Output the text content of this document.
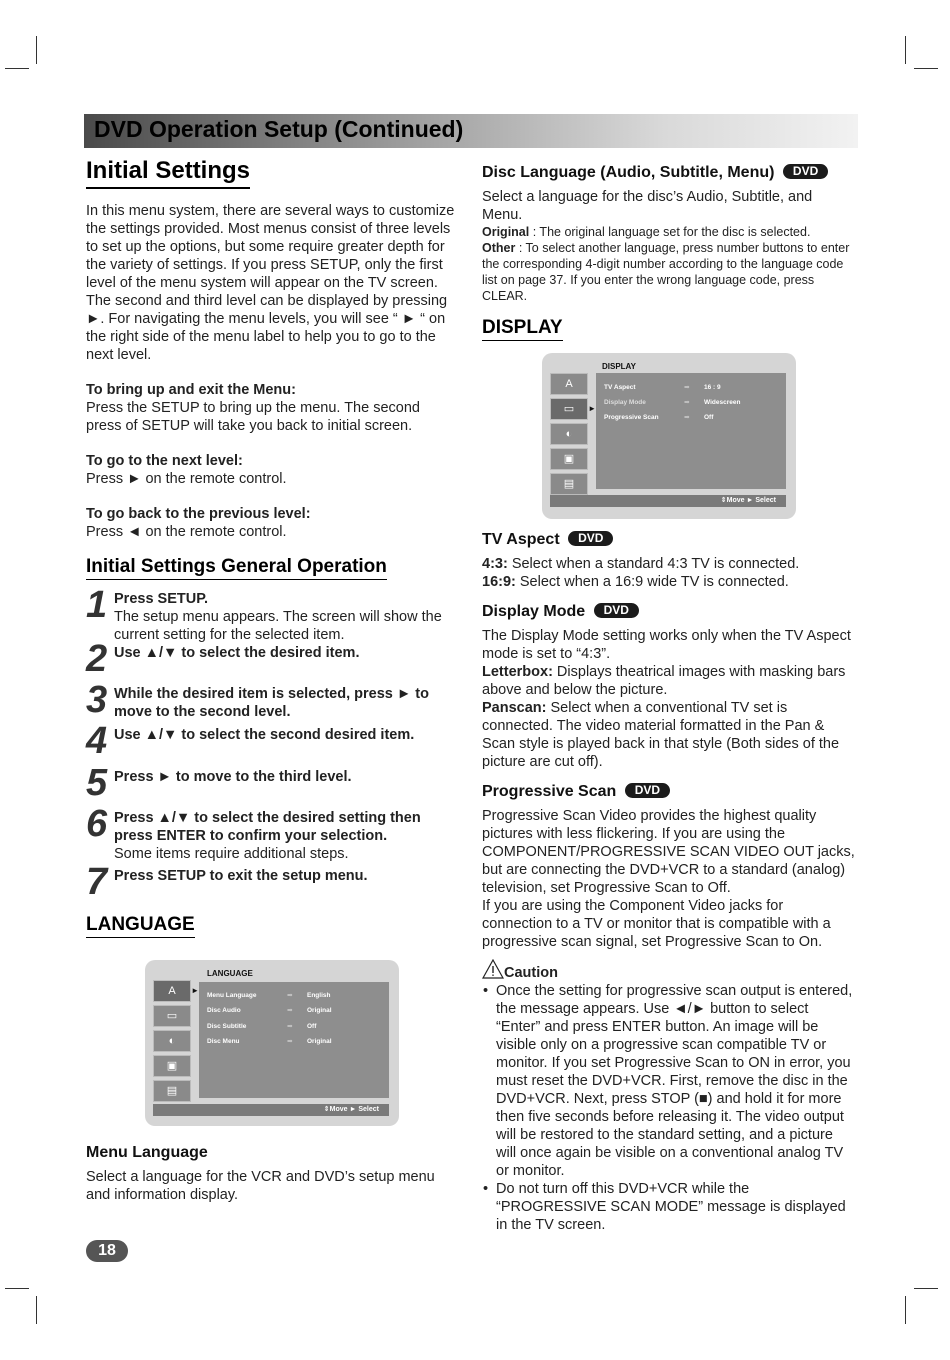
DVD Operation Setup (Continued)
Initial Settings

In this menu system, there are several ways to customize the settings provided. Most menus consist of three levels to set up the options, but some require greater depth for the variety of settings. If you press SETUP, only the first level of the menu system will appear on the TV screen. The second and third level can be displayed by pressing ►. For navigating the menu levels, you will see “ ► “ on the right side of the menu label to help you to go to the next level.

To bring up and exit the Menu:

Press the SETUP to bring up the menu. The second press of SETUP will take you back to initial screen.

To go to the next level:

Press ► on the remote control.

To go back to the previous level:

Press ◄ on the remote control.

Initial Settings General Operation
1 Press SETUP.

The setup menu appears. The screen will show the current setting for the selected item.

2 Use ▲/▼ to select the desired item.

3 While the desired item is selected, press ► to move to the second level.

4 Use ▲/▼ to select the second desired item.

5 Press ► to move to the third level.

6 Press ▲/▼ to select the desired setting then press ENTER to confirm your selection.

Some items require additional steps.

7 Press SETUP to exit the setup menu.

LANGUAGE
LANGUAGE
A ►
▭
◐
▣
▤
Menu Language	⇛ English
Disc Audio	⇛ Original
Disc Subtitle	⇛ Off
Disc Menu	⇛ Original
⇕Move ► Select
Menu Language

Select a language for the VCR and DVD’s setup menu and information display.

18
Disc Language (Audio, Subtitle, Menu) DVD

Select a language for the disc’s Audio, Subtitle, and Menu.

Original : The original language set for the disc is selected.

Other : To select another language, press number buttons to enter the corresponding 4-digit number according to the language code list on page 37. If you enter the wrong language code, press CLEAR.

DISPLAY
DISPLAY
A
▭ ►
◐
▣
▤
TV Aspect	⇛ 16 : 9
Display Mode	⇛ Widescreen
Progressive Scan	⇛ Off
⇕Move ► Select
TV Aspect DVD

4:3: Select when a standard 4:3 TV is connected.

16:9: Select when a 16:9 wide TV is connected.

Display Mode DVD

The Display Mode setting works only when the TV Aspect mode is set to “4:3”.

Letterbox: Displays theatrical images with masking bars above and below the picture.

Panscan: Select when a conventional TV set is connected. The video material formatted in the Pan & Scan style is played back in that style (Both sides of the picture are cut off).

Progressive Scan DVD

Progressive Scan Video provides the highest quality pictures with less flickering. If you are using the COMPONENT/PROGRESSIVE SCAN VIDEO OUT jacks, but are connecting the DVD+VCR to a standard (analog) television, set Progressive Scan to Off.

If you are using the Component Video jacks for connection to a TV or monitor that is compatible with a progressive scan signal, set Progressive Scan to On.

Caution

• Once the setting for progressive scan output is entered, the message appears. Use ◄/► button to select “Enter” and press ENTER button. An image will be visible only on a progressive scan compatible TV or monitor. If you set Progressive Scan to ON in error, you must reset the DVD+VCR. First, remove the disc in the DVD+VCR. Next, press STOP (■) and hold it for more then five seconds before releasing it. The video output will be restored to the standard setting, and a picture will once again be visible on a conventional analog TV or monitor.
• Do not turn off this DVD+VCR while the “PROGRESSIVE SCAN MODE” message is displayed in the TV screen.
